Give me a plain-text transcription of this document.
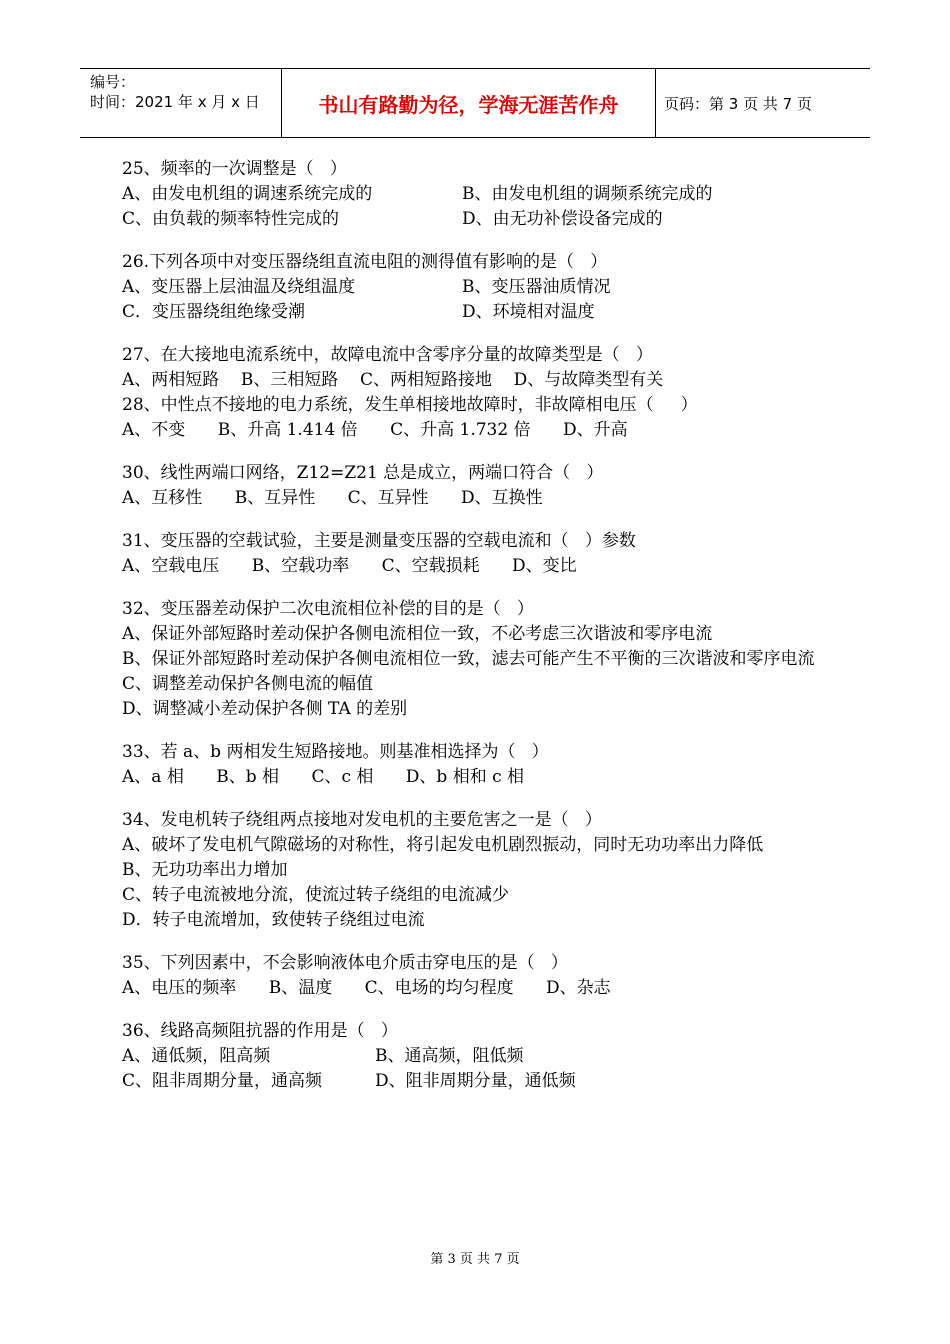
编号：
时间：2021 年 x 月 x 日	书山有路勤为径，学海无涯苦作舟	页码：第 3 页 共 7 页
25、频率的一次调整是（   ）
A、由发电机组的调速系统完成的	B、由发电机组的调频系统完成的
C、由负载的频率特性完成的	D、由无功补偿设备完成的
26.下列各项中对变压器绕组直流电阻的测得值有影响的是（   ）
A、变压器上层油温及绕组温度	B、变压器油质情况
C．变压器绕组绝缘受潮	D、环境相对温度
27、在大接地电流系统中，故障电流中含零序分量的故障类型是（   ）
A、两相短路    B、三相短路    C、两相短路接地    D、与故障类型有关
28、中性点不接地的电力系统，发生单相接地故障时，非故障相电压（     ）
A、不变      B、升高 1.414 倍      C、升高 1.732 倍      D、升高
30、线性两端口网络，Z12=Z21 总是成立，两端口符合（   ）
A、互移性      B、互异性      C、互异性      D、互换性
31、变压器的空载试验，主要是测量变压器的空载电流和（   ）参数
A、空载电压      B、空载功率      C、空载损耗      D、变比
32、变压器差动保护二次电流相位补偿的目的是（   ）
A、保证外部短路时差动保护各侧电流相位一致，不必考虑三次谐波和零序电流
B、保证外部短路时差动保护各侧电流相位一致，滤去可能产生不平衡的三次谐波和零序电流
C、调整差动保护各侧电流的幅值
D、调整减小差动保护各侧 TA 的差别
33、若 a、b 两相发生短路接地。则基准相选择为（   ）
A、a 相      B、b 相      C、c 相      D、b 相和 c 相
34、发电机转子绕组两点接地对发电机的主要危害之一是（   ）
A、破坏了发电机气隙磁场的对称性，将引起发电机剧烈振动，同时无功功率出力降低
B、无功功率出力增加
C、转子电流被地分流，使流过转子绕组的电流减少
D．转子电流增加，致使转子绕组过电流
35、下列因素中，不会影响液体电介质击穿电压的是（   ）
A、电压的频率      B、温度      C、电场的均匀程度      D、杂志
36、线路高频阻抗器的作用是（   ）
A、通低频，阻高频	B、通高频，阻低频
C、阻非周期分量，通高频	D、阻非周期分量，通低频
第 3 页 共 7 页
